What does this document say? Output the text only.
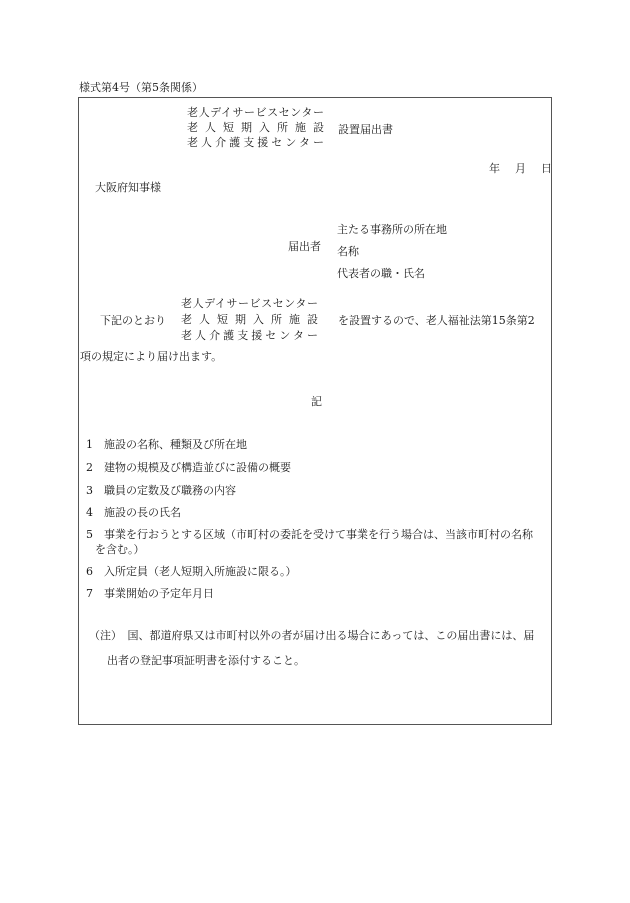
様式第4号（第5条関係）
老人デイサービスセンター
老人短期入所施設
老人介護支援センター
設置届出書
年　月　日
大阪府知事様
届出者
主たる事務所の所在地
名称
代表者の職・氏名
下記のとおり
老人デイサービスセンター
老人短期入所施設
老人介護支援センター
を設置するので、老人福祉法第15条第2
項の規定により届け出ます。
記
1　施設の名称、種類及び所在地
2　建物の規模及び構造並びに設備の概要
3　職員の定数及び職務の内容
4　施設の長の氏名
5　事業を行おうとする区域（市町村の委託を受けて事業を行う場合は、当該市町村の名称
を含む。）
6　入所定員（老人短期入所施設に限る。）
7　事業開始の予定年月日
（注）　国、都道府県又は市町村以外の者が届け出る場合にあっては、この届出書には、届
出者の登記事項証明書を添付すること。
